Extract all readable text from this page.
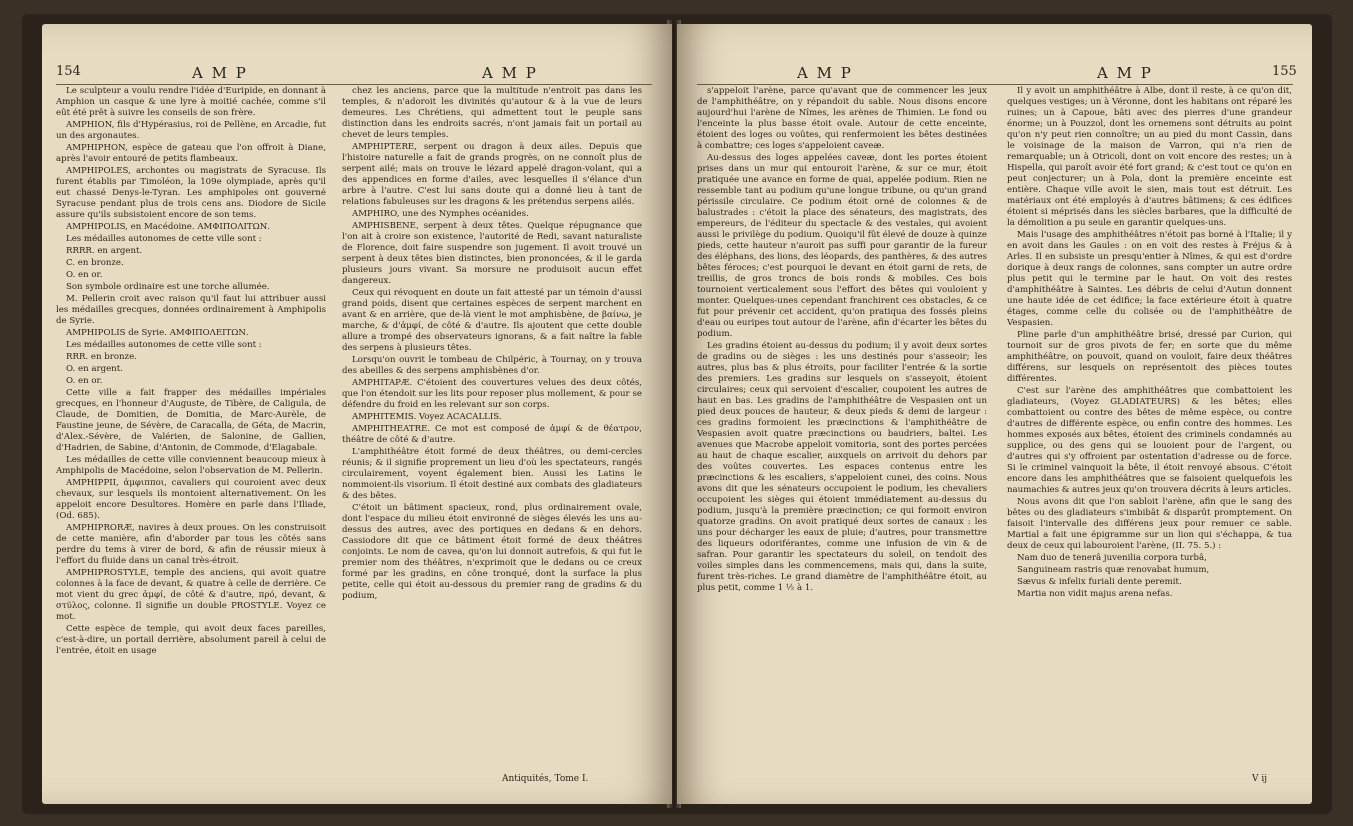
154	A M P	A M P

Le sculpteur a voulu rendre l'idée d'Euripide, en donnant à Amphion un casque & une lyre à moitié cachée, comme s'il eût été prêt à suivre les conseils de son frère.

AMPHION, fils d'Hypérasius, roi de Pellène, en Arcadie, fut un des argonautes.

AMPHIPHON, espèce de gateau que l'on offroit à Diane, après l'avoir entouré de petits flambeaux.

AMPHIPOLES, archontes ou magistrats de Syracuse. Ils furent établis par Timoléon, la 109e olympiade, après qu'il eut chassé Denys-le-Tyran. Les amphipoles ont gouverné Syracuse pendant plus de trois cens ans. Diodore de Sicile assure qu'ils subsistoient encore de son tems.

AMPHIPOLIS, en Macédoine. ΑΜΦΙΠΟΛΙΤΩΝ.

Les médailles autonomes de cette ville sont :

RRRR. en argent.

C. en bronze.

O. en or.

Son symbole ordinaire est une torche allumée.

M. Pellerin croit avec raison qu'il faut lui attribuer aussi les médailles grecques, données ordinairement à Amphipolis de Syrie.

AMPHIPOLIS de Syrie. ΑΜΦΙΠΟΛΕΙΤΩΝ.

Les médailles autonomes de cette ville sont :

RRR. en bronze.

O. en argent.

O. en or.

Cette ville a fait frapper des médailles impériales grecques, en l'honneur d'Auguste, de Tibère, de Caligula, de Claude, de Domitien, de Domitia, de Marc-Aurèle, de Faustine jeune, de Sévère, de Caracalla, de Géta, de Macrin, d'Alex.-Sévère, de Valérien, de Salonine, de Gallien, d'Hadrien, de Sabine, d'Antonin, de Commode, d'Elagabale.

Les médailles de cette ville conviennent beaucoup mieux à Amphipolis de Macédoine, selon l'observation de M. Pellerin.

AMPHIPPII, ἀμφιπποι, cavaliers qui couroient avec deux chevaux, sur lesquels ils montoient alternativement. On les appeloit encore Desultores. Homère en parle dans l'Iliade, (Od. 685).

AMPHIPRORÆ, navires à deux proues. On les construisoit de cette manière, afin d'aborder par tous les côtés sans perdre du tems à virer de bord, & afin de réussir mieux à l'effort du fluide dans un canal très-étroit.

AMPHIPROSTYLE, temple des anciens, qui avoit quatre colonnes à la face de devant, & quatre à celle de derrière. Ce mot vient du grec ἀμφί, de côté & d'autre, πρό, devant, & στῦλος, colonne. Il signifie un double PROSTYLE. Voyez ce mot.

Cette espèce de temple, qui avoit deux faces pareilles, c'est-à-dire, un portail derrière, absolument pareil à celui de l'entrée, étoit en usage

chez les anciens, parce que la multitude n'entroit pas dans les temples, & n'adoroit les divinités qu'autour & à la vue de leurs demeures. Les Chrétiens, qui admettent tout le peuple sans distinction dans les endroits sacrés, n'ont jamais fait un portail au chevet de leurs temples.

AMPHIPTERE, serpent ou dragon à deux ailes. Depuis que l'histoire naturelle a fait de grands progrès, on ne connoît plus de serpent ailé; mais on trouve le lézard appelé dragon-volant, qui a des appendices en forme d'ailes, avec lesquelles il s'élance d'un arbre à l'autre. C'est lui sans doute qui a donné lieu à tant de relations fabuleuses sur les dragons & les prétendus serpens ailés.

AMPHIRO, une des Nymphes océanides.

AMPHISBENE, serpent à deux têtes. Quelque répugnance que l'on ait à croire son existence, l'autorité de Redi, savant naturaliste de Florence, doit faire suspendre son jugement. Il avoit trouvé un serpent à deux têtes bien distinctes, bien prononcées, & il le garda plusieurs jours vivant. Sa morsure ne produisoit aucun effet dangereux.

Ceux qui révoquent en doute un fait attesté par un témoin d'aussi grand poids, disent que certaines espèces de serpent marchent en avant & en arrière, que de-là vient le mot amphisbène, de βαίνω, je marche, & d'ἀμφί, de côté & d'autre. Ils ajoutent que cette double allure a trompé des observateurs ignorans, & a fait naître la fable des serpens à plusieurs têtes.

Lorsqu'on ouvrit le tombeau de Chilpéric, à Tournay, on y trouva des abeilles & des serpens amphisbènes d'or.

AMPHITAPÆ. C'étoient des couvertures velues des deux côtés, que l'on étendoit sur les lits pour reposer plus mollement, & pour se défendre du froid en les relevant sur son corps.

AMPHITEMIS. Voyez ACACALLIS.

AMPHITHEATRE. Ce mot est composé de ἀμφί & de θέατρον, théâtre de côté & d'autre.

L'amphithéâtre étoit formé de deux théâtres, ou demi-cercles réunis; & il signifie proprement un lieu d'où les spectateurs, rangés circulairement, voyent également bien. Aussi les Latins le nommoient-ils visorium. Il étoit destiné aux combats des gladiateurs & des bêtes.

C'étoit un bâtiment spacieux, rond, plus ordinairement ovale, dont l'espace du milieu étoit environné de sièges élevés les uns au-dessus des autres, avec des portiques en dedans & en dehors. Cassiodore dit que ce bâtiment étoit formé de deux théâtres conjoints. Le nom de cavea, qu'on lui donnoit autrefois, & qui fut le premier nom des théâtres, n'exprimoit que le dedans ou ce creux formé par les gradins, en cône tronqué, dont la surface la plus petite, celle qui étoit au-dessous du premier rang de gradins & du podium,

Antiquités, Tome I.
A M P	A M P	155

s'appeloit l'arène, parce qu'avant que de commencer les jeux de l'amphithéâtre, on y répandoit du sable. Nous disons encore aujourd'hui l'arène de Nîmes, les arènes de Thimien. Le fond ou l'enceinte la plus basse étoit ovale. Autour de cette enceinte, étoient des loges ou voûtes, qui renfermoient les bêtes destinées à combattre; ces loges s'appeloient caveæ.

Au-dessus des loges appelées caveæ, dont les portes étoient prises dans un mur qui entouroit l'arène, & sur ce mur, étoit pratiquée une avance en forme de quai, appelée podium. Rien ne ressemble tant au podium qu'une longue tribune, ou qu'un grand périssile circulaire. Ce podium étoit orné de colonnes & de balustrades : c'étoit la place des sénateurs, des magistrats, des empereurs, de l'éditeur du spectacle & des vestales, qui avoient aussi le privilège du podium. Quoiqu'il fût élevé de douze à quinze pieds, cette hauteur n'auroit pas suffi pour garantir de la fureur des éléphans, des lions, des léopards, des panthères, & des autres bêtes féroces; c'est pourquoi le devant en étoit garni de rets, de treillis, de gros troncs de bois ronds & mobiles. Ces bois tournoient verticalement sous l'effort des bêtes qui vouloient y monter. Quelques-unes cependant franchirent ces obstacles, & ce fut pour prévenir cet accident, qu'on pratiqua des fossés pleins d'eau ou euripes tout autour de l'arène, afin d'écarter les bêtes du podium.

Les gradins étoient au-dessus du podium; il y avoit deux sortes de gradins ou de sièges : les uns destinés pour s'asseoir; les autres, plus bas & plus étroits, pour faciliter l'entrée & la sortie des premiers. Les gradins sur lesquels on s'asseyoit, étoient circulaires; ceux qui servoient d'escalier, coupoient les autres de haut en bas. Les gradins de l'amphithéâtre de Vespasien ont un pied deux pouces de hauteur, & deux pieds & demi de largeur : ces gradins formoient les præcinctions & l'amphithéâtre de Vespasien avoit quatre præcinctions ou baudriers, baltei. Les avenues que Macrobe appeloit vomitoria, sont des portes percées au haut de chaque escalier, auxquels on arrivoit du dehors par des voûtes couvertes. Les espaces contenus entre les præcinctions & les escaliers, s'appeloient cunei, des coins. Nous avons dit que les sénateurs occupoient le podium, les chevaliers occupoient les sièges qui étoient immédiatement au-dessus du podium, jusqu'à la première præcinction; ce qui formoit environ quatorze gradins. On avoit pratiqué deux sortes de canaux : les uns pour décharger les eaux de pluie; d'autres, pour transmettre des liqueurs odoriférantes, comme une infusion de vin & de safran. Pour garantir les spectateurs du soleil, on tendoit des voiles simples dans les commencemens, mais qui, dans la suite, furent très-riches. Le grand diamètre de l'amphithéâtre étoit, au plus petit, comme 1 ½ à 1.

Il y avoit un amphithéâtre à Albe, dont il reste, à ce qu'on dit, quelques vestiges; un à Véronne, dont les habitans ont réparé les ruines; un à Capoue, bâti avec des pierres d'une grandeur énorme; un à Pouzzol, dont les ornemens sont détruits au point qu'on n'y peut rien connoître; un au pied du mont Cassin, dans le voisinage de la maison de Varron, qui n'a rien de remarquable; un à Otricoli, dont on voit encore des restes; un à Hispella, qui paroît avoir été fort grand; & c'est tout ce qu'on en peut conjecturer; un à Pola, dont la première enceinte est entière. Chaque ville avoit le sien, mais tout est détruit. Les matériaux ont été employés à d'autres bâtimens; & ces édifices étoient si méprisés dans les siècles barbares, que la difficulté de la démolition a pu seule en garantir quelques-uns.

Mais l'usage des amphithéâtres n'étoit pas borné à l'Italie; il y en avoit dans les Gaules : on en voit des restes à Fréjus & à Arles. Il en subsiste un presqu'entier à Nîmes, & qui est d'ordre dorique à deux rangs de colonnes, sans compter un autre ordre plus petit qui le termine par le haut. On voit des restes d'amphithéâtre à Saintes. Les débris de celui d'Autun donnent une haute idée de cet édifice; la face extérieure étoit à quatre étages, comme celle du colisée ou de l'amphithéâtre de Vespasien.

Pline parle d'un amphithéâtre brisé, dressé par Curion, qui tournoit sur de gros pivots de fer; en sorte que du même amphithéâtre, on pouvoit, quand on vouloit, faire deux théâtres différens, sur lesquels on représentoit des pièces toutes différentes.

C'est sur l'arène des amphithéâtres que combattoient les gladiateurs, (Voyez GLADIATEURS) & les bêtes; elles combattoient ou contre des bêtes de même espèce, ou contre d'autres de différente espèce, ou enfin contre des hommes. Les hommes exposés aux bêtes, étoient des criminels condamnés au supplice, ou des gens qui se louoient pour de l'argent, ou d'autres qui s'y offroient par ostentation d'adresse ou de force. Si le criminel vainquoit la bête, il étoit renvoyé absous. C'étoit encore dans les amphithéâtres que se faisoient quelquefois les naumachies & autres jeux qu'on trouvera décrits à leurs articles.

Nous avons dit que l'on sabloit l'arène, afin que le sang des bêtes ou des gladiateurs s'imbibât & disparût promptement. On faisoit l'intervalle des différens jeux pour remuer ce sable. Martial a fait une épigramme sur un lion qui s'échappa, & tua deux de ceux qui labouroient l'arène, (II. 75. 5.) :

Nam duo de tenerâ juvenilia corpora turbâ,

Sanguineam rastris quæ renovabat humum,

Sævus & infelix furiali dente peremit.

Martia non vidit majus arena nefas.

V ij
